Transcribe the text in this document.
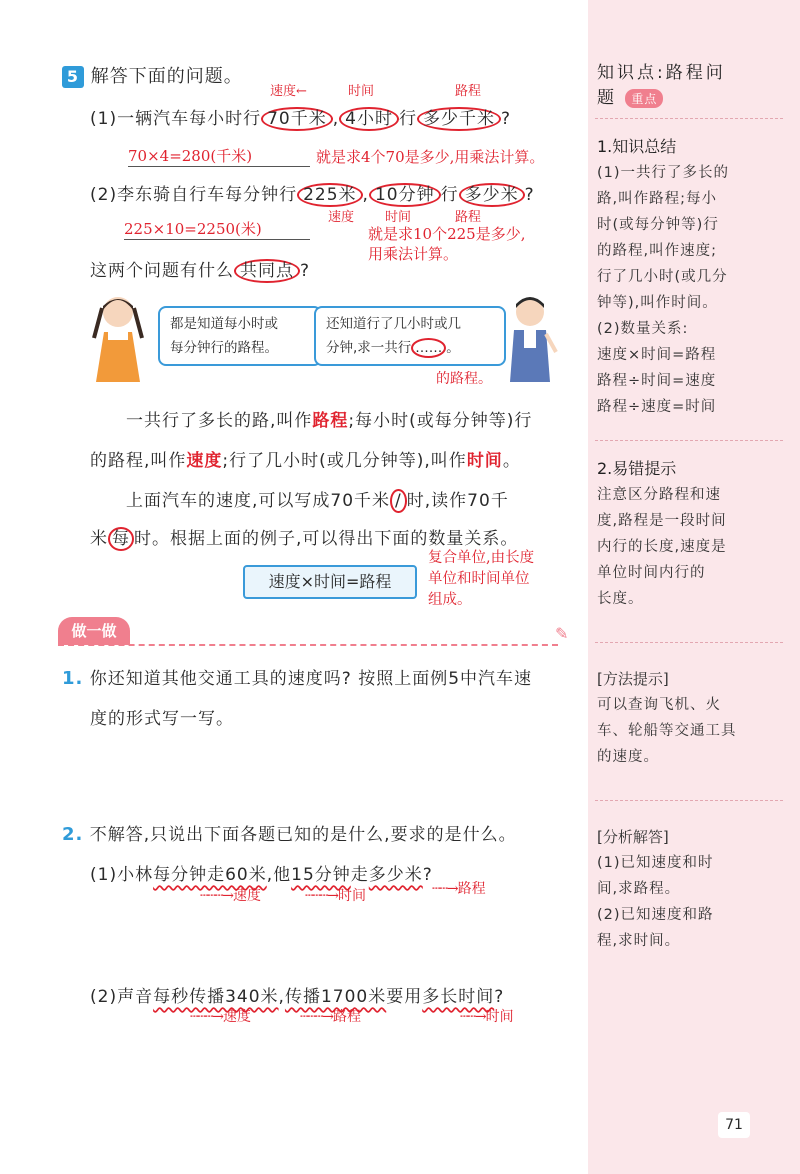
知识点:路程问
题 重点
1.知识总结
(1)一共行了多长的
路,叫作路程;每小
时(或每分钟等)行
的路程,叫作速度;
行了几小时(或几分
钟等),叫作时间。
(2)数量关系:
速度×时间=路程
路程÷时间=速度
路程÷速度=时间
2.易错提示
注意区分路程和速
度,路程是一段时间
内行的长度,速度是
单位时间内行的
长度。
[方法提示]
可以查询飞机、火
车、轮船等交通工具
的速度。
[分析解答]
(1)已知速度和时
间,求路程。
(2)已知速度和路
程,求时间。
71
5 解答下面的问题。
速度←	时间	路程
(1)一辆汽车每小时行 70千米 , 4小时 行 多少千米 ?
70×4=280(千米)	就是求4个70是多少,用乘法计算。
(2)李东骑自行车每分钟行 225米 , 10分钟 行 多少米 ?
速度 时间	路程
225×10=2250(米)	就是求10个225是多少,
用乘法计算。
这两个问题有什么 共同点 ?
都是知道每小时或
每分钟行的路程。
还知道行了几小时或几
分钟,求一共行 …… 。
的路程。
一共行了多长的路,叫作路程;每小时(或每分钟等)行
的路程,叫作速度;行了几小时(或几分钟等),叫作时间。
上面汽车的速度,可以写成70千米 / 时,读作70千
米 每 时。根据上面的例子,可以得出下面的数量关系。
复合单位,由长度
单位和时间单位
组成。
速度×时间=路程
做一做	✎
1. 你还知道其他交通工具的速度吗? 按照上面例5中汽车速
度的形式写一写。
2. 不解答,只说出下面各题已知的是什么,要求的是什么。
(1)小林每分钟走60米,他15分钟走多少米?
┄┄┄→速度	┄┄┄→时间	┄┄→路程
(2)声音每秒传播340米,传播1700米要用多长时间?
┄┄┄→速度	┄┄┄→路程	┄┄→时间
